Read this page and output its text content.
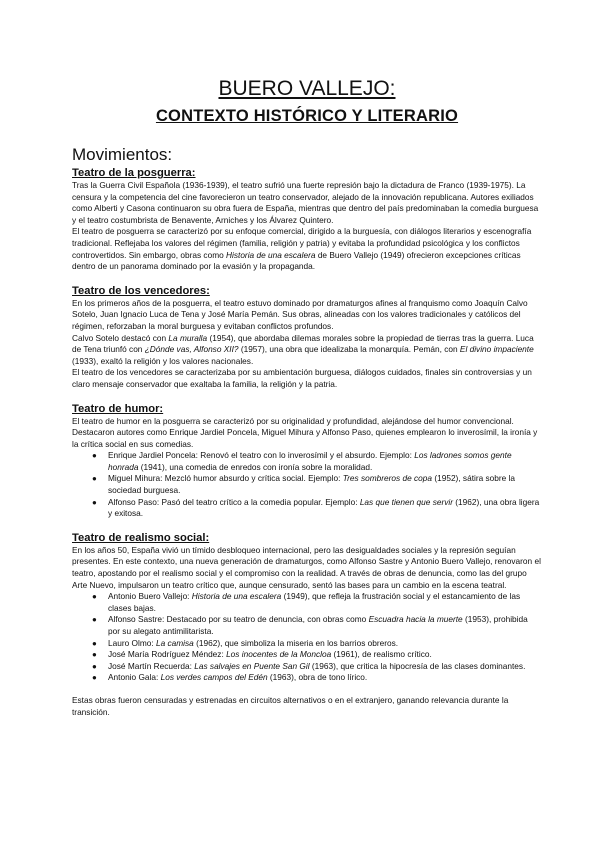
BUERO VALLEJO:
CONTEXTO HISTÓRICO Y LITERARIO
Movimientos:
Teatro de la posguerra:

Tras la Guerra Civil Española (1936-1939), el teatro sufrió una fuerte represión bajo la dictadura de Franco (1939-1975). La censura y la competencia del cine favorecieron un teatro conservador, alejado de la innovación republicana. Autores exiliados como Alberti y Casona continuaron su obra fuera de España, mientras que dentro del país predominaban la comedia burguesa y el teatro costumbrista de Benavente, Arniches y los Álvarez Quintero.

El teatro de posguerra se caracterizó por su enfoque comercial, dirigido a la burguesía, con diálogos literarios y escenografía tradicional. Reflejaba los valores del régimen (familia, religión y patria) y evitaba la profundidad psicológica y los conflictos controvertidos. Sin embargo, obras como Historia de una escalera de Buero Vallejo (1949) ofrecieron excepciones críticas dentro de un panorama dominado por la evasión y la propaganda.

Teatro de los vencedores:

En los primeros años de la posguerra, el teatro estuvo dominado por dramaturgos afines al franquismo como Joaquín Calvo Sotelo, Juan Ignacio Luca de Tena y José María Pemán. Sus obras, alineadas con los valores tradicionales y católicos del régimen, reforzaban la moral burguesa y evitaban conflictos profundos.

Calvo Sotelo destacó con La muralla (1954), que abordaba dilemas morales sobre la propiedad de tierras tras la guerra. Luca de Tena triunfó con ¿Dónde vas, Alfonso XII? (1957), una obra que idealizaba la monarquía. Pemán, con El divino impaciente (1933), exaltó la religión y los valores nacionales.

El teatro de los vencedores se caracterizaba por su ambientación burguesa, diálogos cuidados, finales sin controversias y un claro mensaje conservador que exaltaba la familia, la religión y la patria.

Teatro de humor:

El teatro de humor en la posguerra se caracterizó por su originalidad y profundidad, alejándose del humor convencional. Destacaron autores como Enrique Jardiel Poncela, Miguel Mihura y Alfonso Paso, quienes emplearon lo inverosímil, la ironía y la crítica social en sus comedias.

● Enrique Jardiel Poncela: Renovó el teatro con lo inverosímil y el absurdo. Ejemplo: Los ladrones somos gente honrada (1941), una comedia de enredos con ironía sobre la moralidad.
● Miguel Mihura: Mezcló humor absurdo y crítica social. Ejemplo: Tres sombreros de copa (1952), sátira sobre la sociedad burguesa.
● Alfonso Paso: Pasó del teatro crítico a la comedia popular. Ejemplo: Las que tienen que servir (1962), una obra ligera y exitosa.
Teatro de realismo social:

En los años 50, España vivió un tímido desbloqueo internacional, pero las desigualdades sociales y la represión seguían presentes. En este contexto, una nueva generación de dramaturgos, como Alfonso Sastre y Antonio Buero Vallejo, renovaron el teatro, apostando por el realismo social y el compromiso con la realidad. A través de obras de denuncia, como las del grupo Arte Nuevo, impulsaron un teatro crítico que, aunque censurado, sentó las bases para un cambio en la escena teatral.

● Antonio Buero Vallejo: Historia de una escalera (1949), que refleja la frustración social y el estancamiento de las clases bajas.
● Alfonso Sastre: Destacado por su teatro de denuncia, con obras como Escuadra hacia la muerte (1953), prohibida por su alegato antimilitarista.
● Lauro Olmo: La camisa (1962), que simboliza la miseria en los barrios obreros.
● José María Rodríguez Méndez: Los inocentes de la Moncloa (1961), de realismo crítico.
● José Martín Recuerda: Las salvajes en Puente San Gil (1963), que critica la hipocresía de las clases dominantes.
● Antonio Gala: Los verdes campos del Edén (1963), obra de tono lírico.

Estas obras fueron censuradas y estrenadas en circuitos alternativos o en el extranjero, ganando relevancia durante la transición.
